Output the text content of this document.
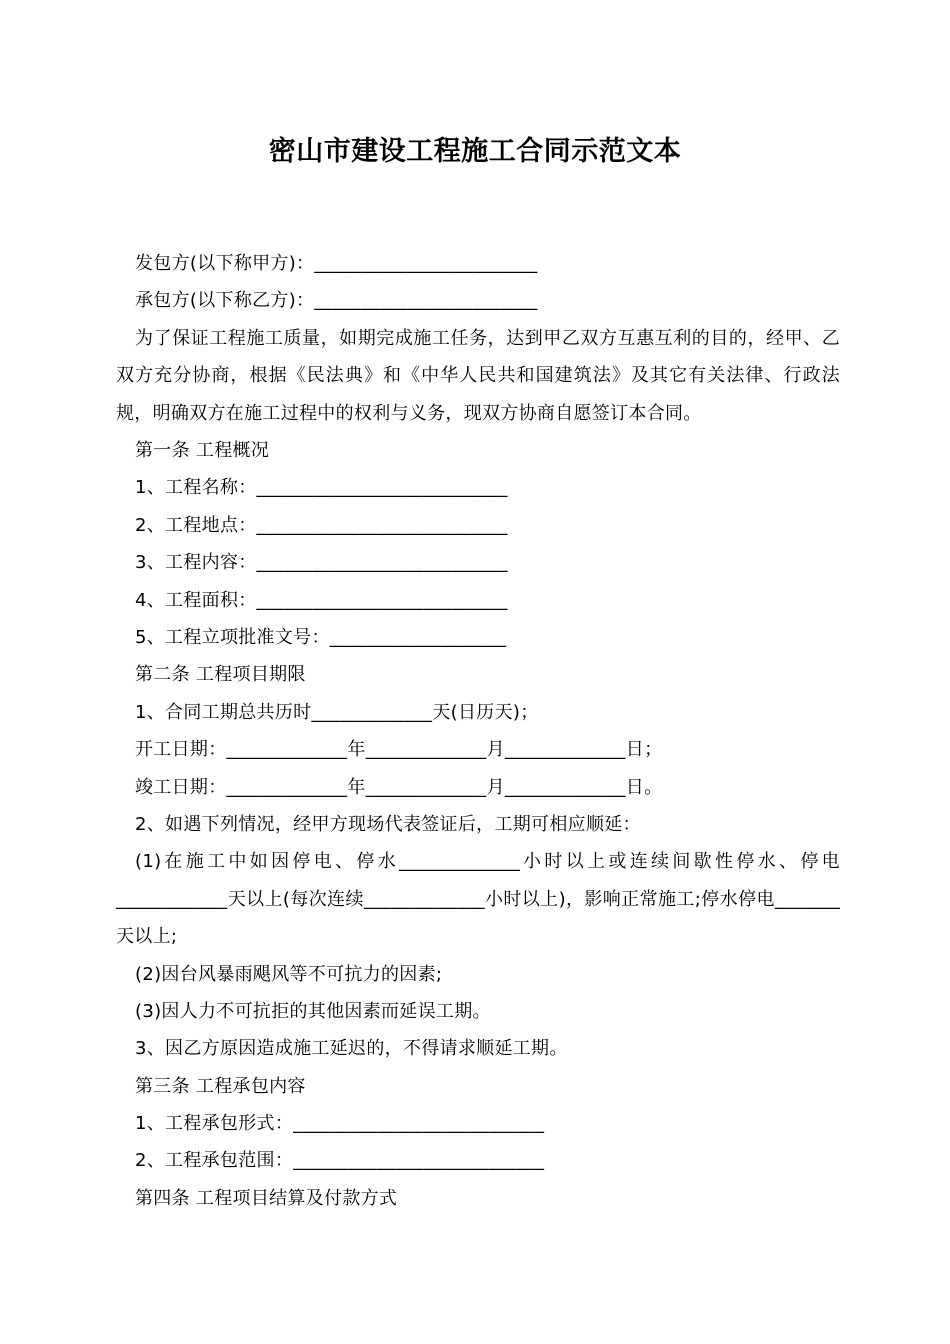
密山市建设工程施工合同示范文本

发包方(以下称甲方)：________________________

承包方(以下称乙方)：________________________

为了保证工程施工质量，如期完成施工任务，达到甲乙双方互惠互利的目的，经甲、乙双方充分协商，根据《民法典》和《中华人民共和国建筑法》及其它有关法律、行政法规，明确双方在施工过程中的权利与义务，现双方协商自愿签订本合同。

第一条 工程概况

1、工程名称：___________________________

2、工程地点：___________________________

3、工程内容：___________________________

4、工程面积：___________________________

5、工程立项批准文号：___________________

第二条 工程项目期限

1、合同工期总共历时_____________天(日历天)；

开工日期：_____________年_____________月_____________日；

竣工日期：_____________年_____________月_____________日。

2、如遇下列情况，经甲方现场代表签证后，工期可相应顺延：

(1)在施工中如因停电、停水_____________小时以上或连续间歇性停水、停电____________天以上(每次连续_____________小时以上)，影响正常施工;停水停电_______天以上;

(2)因台风暴雨飓风等不可抗力的因素;

(3)因人力不可抗拒的其他因素而延误工期。

3、因乙方原因造成施工延迟的，不得请求顺延工期。

第三条 工程承包内容

1、工程承包形式：___________________________

2、工程承包范围：___________________________

第四条 工程项目结算及付款方式
